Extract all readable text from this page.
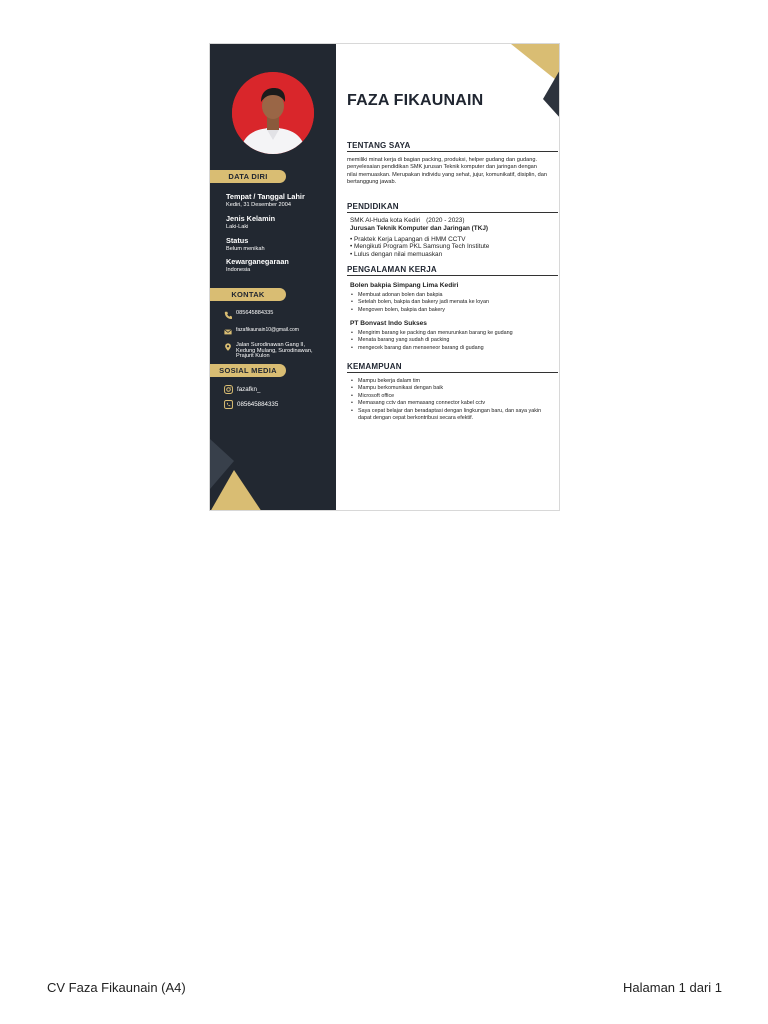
DATA DIRI
Tempat / Tanggal Lahir
Kediri, 31 Desember 2004
Jenis Kelamin
Laki-Laki
Status
Belum menikah
Kewarganegaraan
Indonesia
KONTAK
085645884335
fazafikaunain10@gmail.com
Jalan Surodinawan Gang II,
Kedung Mulang, Surodinawan,
Prajurit Kulon
SOSIAL MEDIA
fazafkn_
085645884335
FAZA FIKAUNAIN
TENTANG SAYA
memiliki minat kerja di bagian packing, produksi, helper gudang dan gudang. penyelesaian pendidikan SMK jurusan Teknik komputer dan jaringan dengan nilai memuaskan. Merupakan individu yang sehat, jujur, komunikatif, disiplin, dan bertanggung jawab.
PENDIDIKAN
SMK Al-Huda kota Kediri (2020 - 2023)
Jurusan Teknik Komputer dan Jaringan (TKJ)
• Praktek Kerja Lapangan di HMM CCTV
• Mengikuti Program PKL Samsung Tech Institute
• Lulus dengan nilai memuaskan
PENGALAMAN KERJA
Bolen bakpia Simpang Lima Kediri
• Membuat adonan bolen dan bakpia
• Setelah bolen, bakpia dan bakery jadi menata ke loyan
• Mengoven bolen, bakpia dan bakery
PT Bonvast Indo Sukses
• Mengirim barang ke packing dan menurunkan barang ke gudang
• Menata barang yang sudah di packing
• mengecek barang dan menseneor barang di gudang
KEMAMPUAN
• Mampu bekerja dalam tim
• Mampu berkomunikasi dengan baik
• Microsoft office
• Memasang cctv dan memasang connector kabel cctv
• Saya cepat belajar dan beradaptasi dengan lingkungan baru, dan saya yakin dapat dengan cepat berkontribusi secara efektif.
CV Faza Fikaunain (A4)	Halaman 1 dari 1
